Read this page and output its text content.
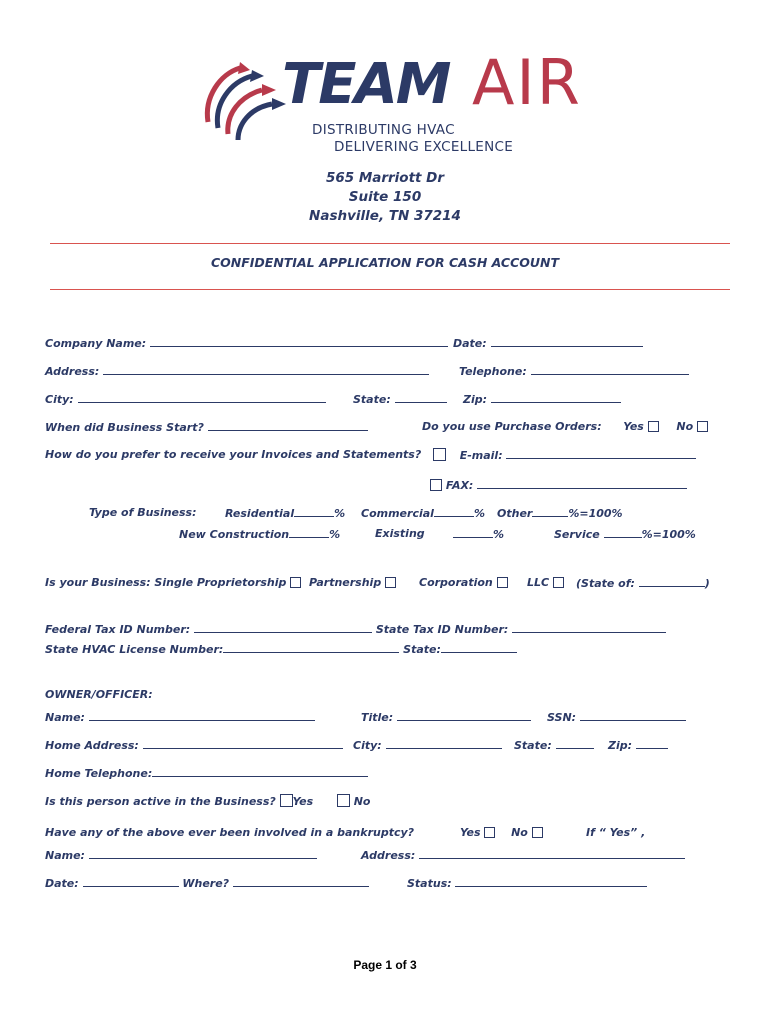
TEAM AIR
DISTRIBUTING HVAC
DELIVERING EXCELLENCE
565 Marriott Dr
Suite 150
Nashville, TN 37214
CONFIDENTIAL APPLICATION FOR CASH ACCOUNT
Company Name:	Date:
Address:	Telephone:
City:	State:	Zip:
When did Business Start?	Do you use Purchase Orders: Yes	No
How do you prefer to receive your Invoices and Statements?	E-mail:
FAX:
Type of Business:	Residential	% Commercial	% Other	%=100%
New Construction	%	Existing	%	Service	%=100%
Is your Business: Single Proprietorship	Partnership	Corporation	LLC	(State of:	)
Federal Tax ID Number:	State Tax ID Number:
State HVAC License Number:	State:
OWNER/OFFICER:
Name:	Title:	SSN:
Home Address:	City:	State:	Zip:
Home Telephone:
Is this person active in the Business? Yes	No
Have any of the above ever been involved in a bankruptcy?	Yes	No	If “ Yes” ,
Name:	Address:
Date:	Where?	Status:
Page 1 of 3
